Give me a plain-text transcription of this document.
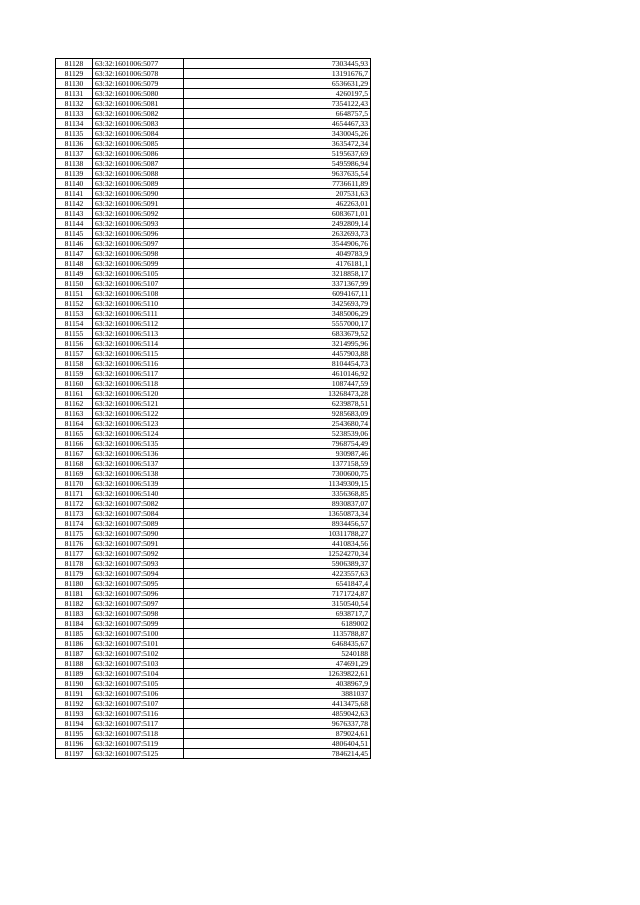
81128	63:32:1601006:5077	7303445,93
81129	63:32:1601006:5078	13191676,7
81130	63:32:1601006:5079	6536631,29
81131	63:32:1601006:5080	4260197,5
81132	63:32:1601006:5081	7354122,43
81133	63:32:1601006:5082	6648757,5
81134	63:32:1601006:5083	4654467,33
81135	63:32:1601006:5084	3430045,26
81136	63:32:1601006:5085	3635472,34
81137	63:32:1601006:5086	5195637,69
81138	63:32:1601006:5087	5495986,94
81139	63:32:1601006:5088	9637635,54
81140	63:32:1601006:5089	7736611,89
81141	63:32:1601006:5090	207531,63
81142	63:32:1601006:5091	462263,01
81143	63:32:1601006:5092	6083671,01
81144	63:32:1601006:5093	2492809,14
81145	63:32:1601006:5096	2632693,73
81146	63:32:1601006:5097	3544906,76
81147	63:32:1601006:5098	4049783,9
81148	63:32:1601006:5099	4176181,1
81149	63:32:1601006:5105	3218858,17
81150	63:32:1601006:5107	3371367,99
81151	63:32:1601006:5108	6094167,11
81152	63:32:1601006:5110	3425693,79
81153	63:32:1601006:5111	3485006,29
81154	63:32:1601006:5112	5557000,17
81155	63:32:1601006:5113	6833679,52
81156	63:32:1601006:5114	3214995,96
81157	63:32:1601006:5115	4457903,88
81158	63:32:1601006:5116	8104454,73
81159	63:32:1601006:5117	4610146,92
81160	63:32:1601006:5118	1087447,59
81161	63:32:1601006:5120	13268473,28
81162	63:32:1601006:5121	6239878,51
81163	63:32:1601006:5122	9285683,09
81164	63:32:1601006:5123	2543680,74
81165	63:32:1601006:5124	5238539,06
81166	63:32:1601006:5135	7968754,49
81167	63:32:1601006:5136	930987,46
81168	63:32:1601006:5137	1377158,59
81169	63:32:1601006:5138	7300600,75
81170	63:32:1601006:5139	11349309,15
81171	63:32:1601006:5140	3356368,85
81172	63:32:1601007:5082	8930837,07
81173	63:32:1601007:5084	13650873,34
81174	63:32:1601007:5089	8934456,57
81175	63:32:1601007:5090	10311788,27
81176	63:32:1601007:5091	4410834,56
81177	63:32:1601007:5092	12524270,34
81178	63:32:1601007:5093	5906389,37
81179	63:32:1601007:5094	4223557,63
81180	63:32:1601007:5095	6541847,4
81181	63:32:1601007:5096	7171724,87
81182	63:32:1601007:5097	3150540,54
81183	63:32:1601007:5098	6938717,7
81184	63:32:1601007:5099	6189002
81185	63:32:1601007:5100	1135788,87
81186	63:32:1601007:5101	6468435,67
81187	63:32:1601007:5102	5240188
81188	63:32:1601007:5103	474691,29
81189	63:32:1601007:5104	12639822,61
81190	63:32:1601007:5105	4038967,9
81191	63:32:1601007:5106	3881037
81192	63:32:1601007:5107	4413475,68
81193	63:32:1601007:5116	4859042,63
81194	63:32:1601007:5117	9676337,78
81195	63:32:1601007:5118	879024,61
81196	63:32:1601007:5119	4806404,51
81197	63:32:1601007:5125	7846214,45
